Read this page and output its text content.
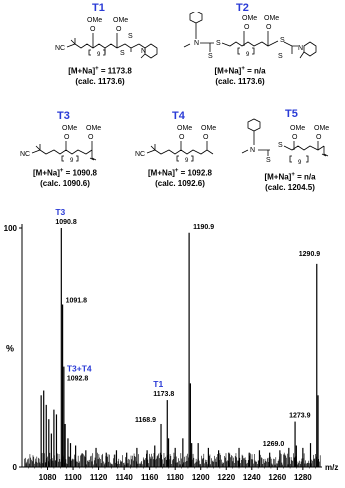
T1
OMe OMe
O	O
S
NC
9	S N
[M+Na]+ = 1173.8
(calc. 1173.6)
T2
OMe OMe
O O
N S
S	9
S
S
N
[M+Na]+ = n/a
(calc. 1173.6)
T3
OMe OMe
O	O
NC
9
[M+Na]+ = 1090.8
(calc. 1090.6)
T4
OMe OMe
O	O
NC
9
[M+Na]+ = 1092.8
(calc. 1092.6)
T5
OMe OMe
O	O
N
S
S	9
[M+Na]+ = n/a
(calc. 1204.5)
0
100
1080 1100 1120 1140 1160 1180 1200 1220 1240 1260 1280
%
m/z
1090.8
T3
1091.8
1092.8
T3+T4
1168.9
1173.8
T1
1190.9
1269.0
1273.9
1290.9
